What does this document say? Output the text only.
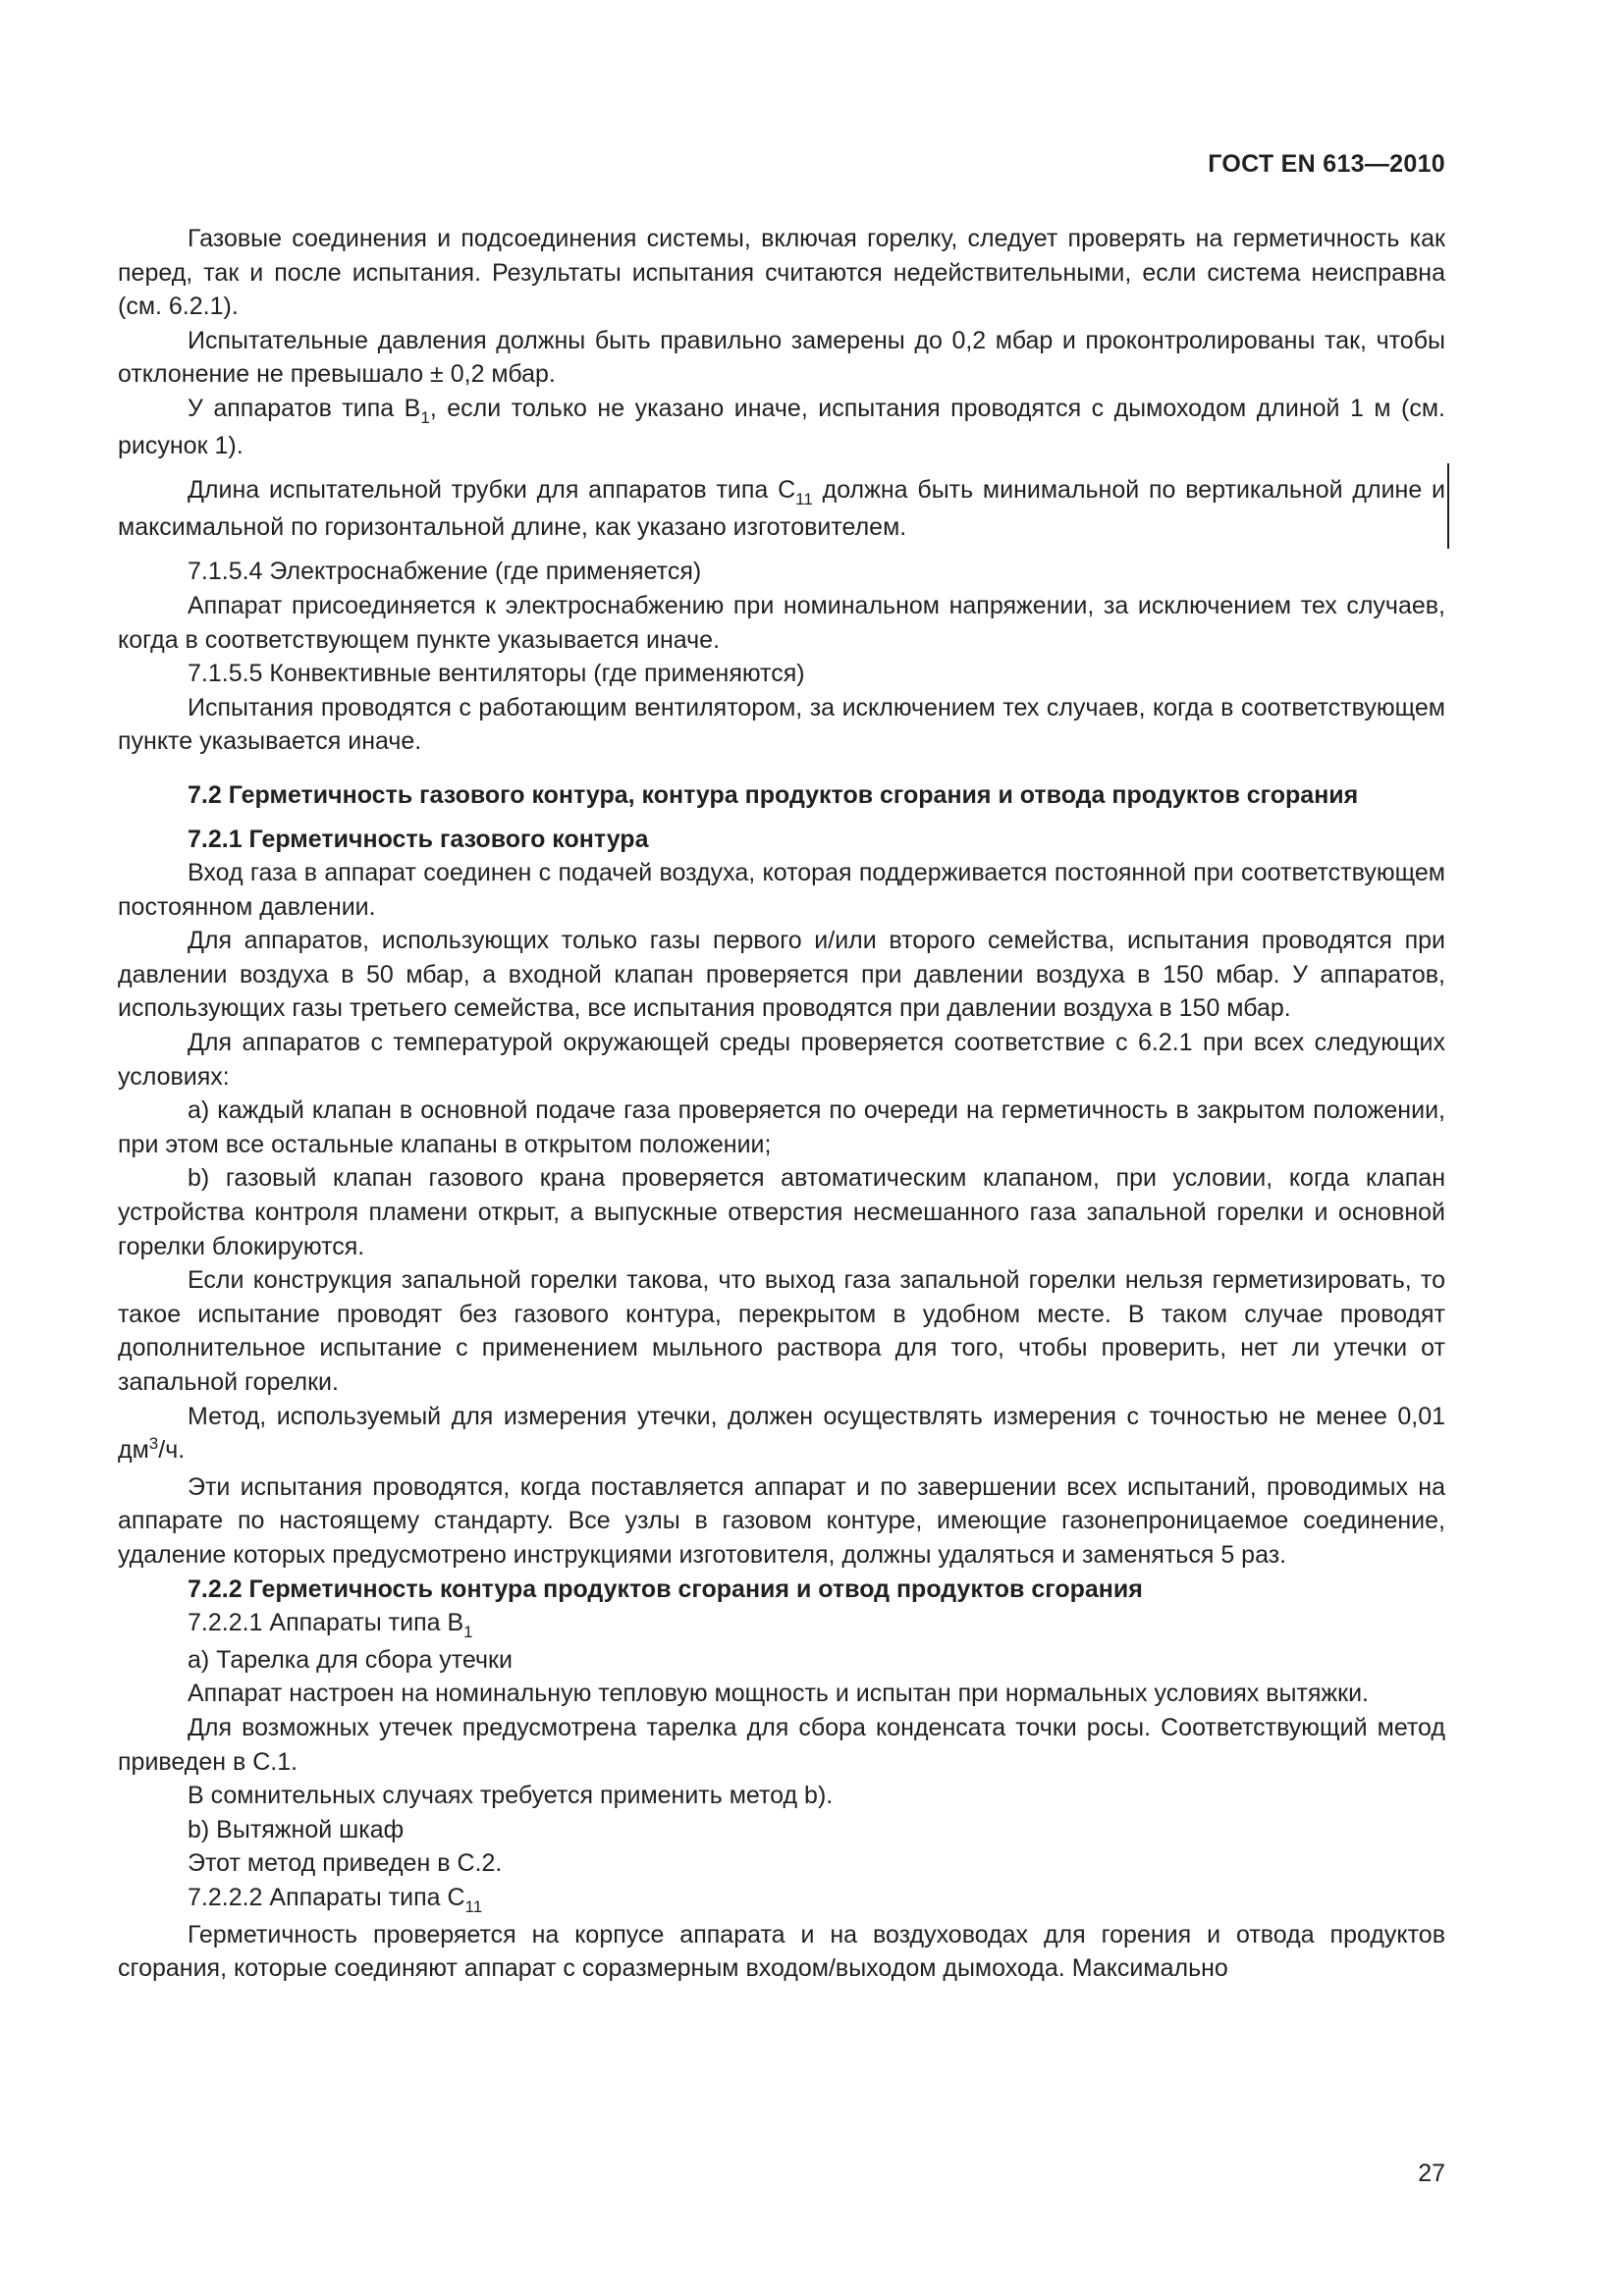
ГОСТ EN 613—2010

Газовые соединения и подсоединения системы, включая горелку, следует проверять на герметичность как перед, так и после испытания. Результаты испытания считаются недействительными, если система неисправна (см. 6.2.1).

Испытательные давления должны быть правильно замерены до 0,2 мбар и проконтролированы так, чтобы отклонение не превышало ± 0,2 мбар.

У аппаратов типа $B_1$, если только не указано иначе, испытания проводятся с дымоходом длиной 1 м (см. рисунок 1).

Длина испытательной трубки для аппаратов типа $C_{11}$ должна быть минимальной по вертикальной длине и максимальной по горизонтальной длине, как указано изготовителем.

7.1.5.4 Электроснабжение (где применяется)

Аппарат присоединяется к электроснабжению при номинальном напряжении, за исключением тех случаев, когда в соответствующем пункте указывается иначе.

7.1.5.5 Конвективные вентиляторы (где применяются)

Испытания проводятся с работающим вентилятором, за исключением тех случаев, когда в соответствующем пункте указывается иначе.

7.2 Герметичность газового контура, контура продуктов сгорания и отвода продуктов сгорания

7.2.1 Герметичность газового контура

Вход газа в аппарат соединен с подачей воздуха, которая поддерживается постоянной при соответствующем постоянном давлении.

Для аппаратов, использующих только газы первого и/или второго семейства, испытания проводятся при давлении воздуха в 50 мбар, а входной клапан проверяется при давлении воздуха в 150 мбар. У аппаратов, использующих газы третьего семейства, все испытания проводятся при давлении воздуха в 150 мбар.

Для аппаратов с температурой окружающей среды проверяется соответствие с 6.2.1 при всех следующих условиях:

a) каждый клапан в основной подаче газа проверяется по очереди на герметичность в закрытом положении, при этом все остальные клапаны в открытом положении;

b) газовый клапан газового крана проверяется автоматическим клапаном, при условии, когда клапан устройства контроля пламени открыт, а выпускные отверстия несмешанного газа запальной горелки и основной горелки блокируются.

Если конструкция запальной горелки такова, что выход газа запальной горелки нельзя герметизировать, то такое испытание проводят без газового контура, перекрытом в удобном месте. В таком случае проводят дополнительное испытание с применением мыльного раствора для того, чтобы проверить, нет ли утечки от запальной горелки.

Метод, используемый для измерения утечки, должен осуществлять измерения с точностью не менее 0,01 $дм^3/ч$.

Эти испытания проводятся, когда поставляется аппарат и по завершении всех испытаний, проводимых на аппарате по настоящему стандарту. Все узлы в газовом контуре, имеющие газонепроницаемое соединение, удаление которых предусмотрено инструкциями изготовителя, должны удаляться и заменяться 5 раз.

7.2.2 Герметичность контура продуктов сгорания и отвод продуктов сгорания

7.2.2.1 Аппараты типа $B_1$

a) Тарелка для сбора утечки

Аппарат настроен на номинальную тепловую мощность и испытан при нормальных условиях вытяжки.

Для возможных утечек предусмотрена тарелка для сбора конденсата точки росы. Соответствующий метод приведен в С.1.

В сомнительных случаях требуется применить метод b).

b) Вытяжной шкаф

Этот метод приведен в С.2.

7.2.2.2 Аппараты типа $C_{11}$

Герметичность проверяется на корпусе аппарата и на воздуховодах для горения и отвода продуктов сгорания, которые соединяют аппарат с соразмерным входом/выходом дымохода. Максимально

27
